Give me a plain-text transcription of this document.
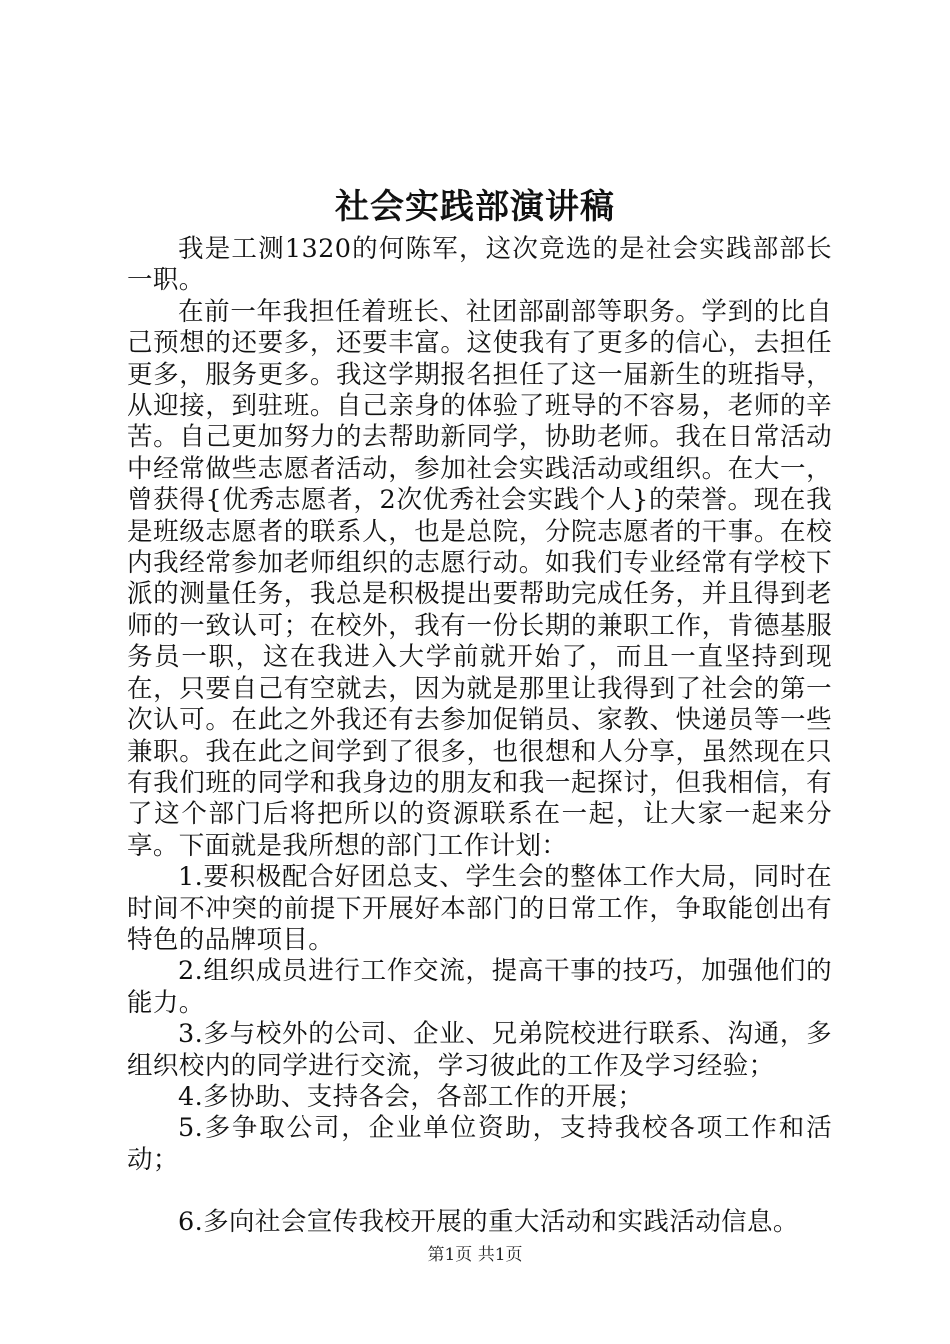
社会实践部演讲稿

我是工测1320的何陈军，这次竞选的是社会实践部部长一职。

在前一年我担任着班长、社团部副部等职务。学到的比自己预想的还要多，还要丰富。这使我有了更多的信心，去担任更多，服务更多。我这学期报名担任了这一届新生的班指导，从迎接，到驻班。自己亲身的体验了班导的不容易，老师的辛苦。自己更加努力的去帮助新同学，协助老师。我在日常活动中经常做些志愿者活动，参加社会实践活动或组织。在大一，曾获得{优秀志愿者，2次优秀社会实践个人}的荣誉。现在我是班级志愿者的联系人，也是总院，分院志愿者的干事。在校内我经常参加老师组织的志愿行动。如我们专业经常有学校下派的测量任务，我总是积极提出要帮助完成任务，并且得到老师的一致认可；在校外，我有一份长期的兼职工作，肯德基服务员一职，这在我进入大学前就开始了，而且一直坚持到现在，只要自己有空就去，因为就是那里让我得到了社会的第一次认可。在此之外我还有去参加促销员、家教、快递员等一些兼职。我在此之间学到了很多，也很想和人分享，虽然现在只有我们班的同学和我身边的朋友和我一起探讨，但我相信，有了这个部门后将把所以的资源联系在一起，让大家一起来分享。下面就是我所想的部门工作计划：

1.要积极配合好团总支、学生会的整体工作大局，同时在时间不冲突的前提下开展好本部门的日常工作，争取能创出有特色的品牌项目。

2.组织成员进行工作交流，提高干事的技巧，加强他们的能力。

3.多与校外的公司、企业、兄弟院校进行联系、沟通，多组织校内的同学进行交流，学习彼此的工作及学习经验；

4.多协助、支持各会，各部工作的开展；

5.多争取公司，企业单位资助，支持我校各项工作和活动；

6.多向社会宣传我校开展的重大活动和实践活动信息。

第1页 共1页
